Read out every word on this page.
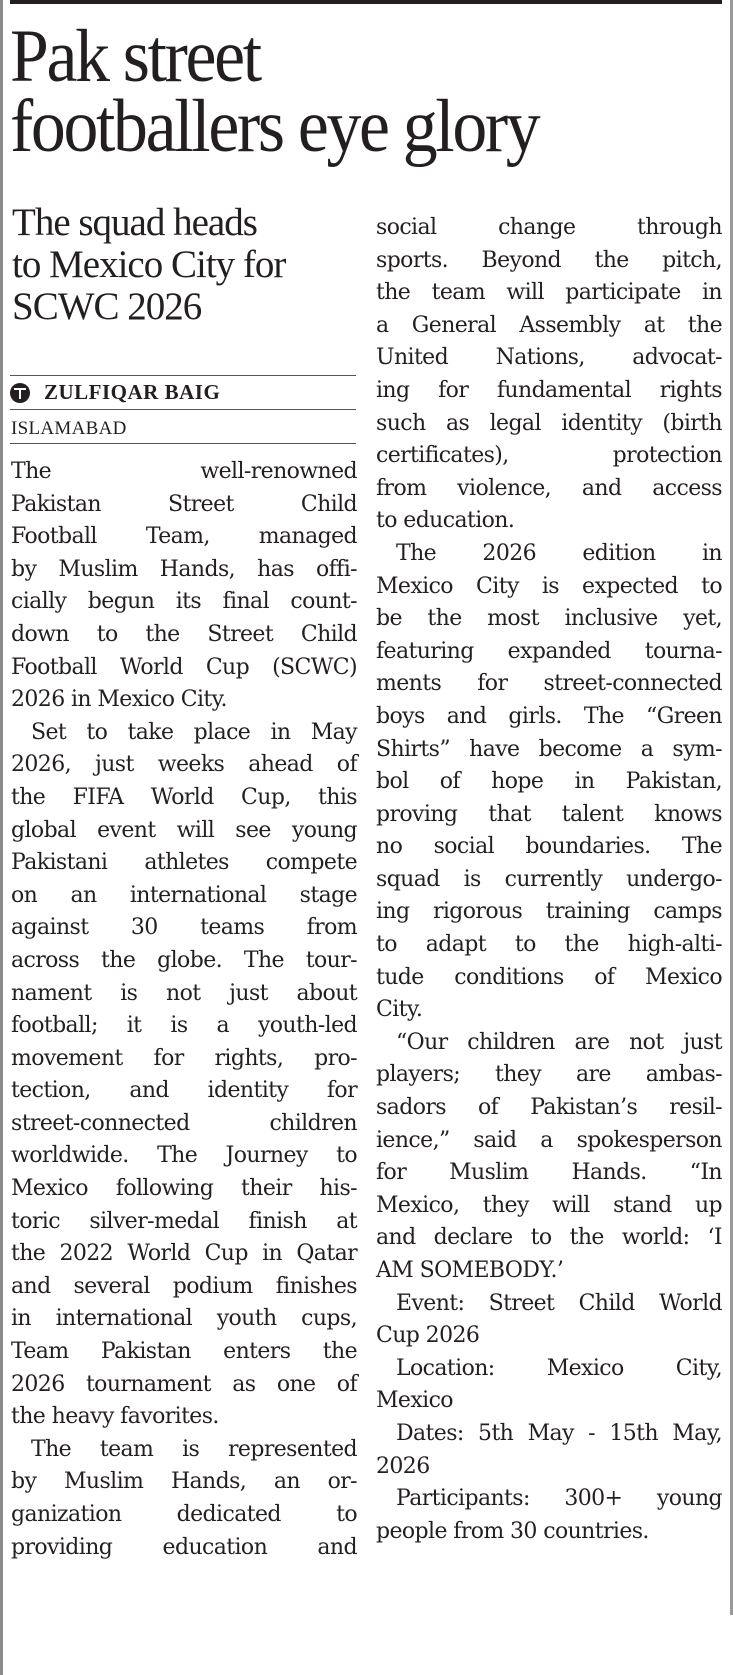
Pak street
footballers eye glory
The squad heads
to Mexico City for
SCWC 2026
ZULFIQAR BAIG
ISLAMABAD

The well-renowned
Pakistan Street Child
Football Team, managed
by Muslim Hands, has offi-
cially begun its final count-
down to the Street Child
Football World Cup (SCWC)
2026 in Mexico City.

Set to take place in May
2026, just weeks ahead of
the FIFA World Cup, this
global event will see young
Pakistani athletes compete
on an international stage
against 30 teams from
across the globe. The tour-
nament is not just about
football; it is a youth-led
movement for rights, pro-
tection, and identity for
street-connected children
worldwide. The Journey to
Mexico following their his-
toric silver-medal finish at
the 2022 World Cup in Qatar
and several podium finishes
in international youth cups,
Team Pakistan enters the
2026 tournament as one of
the heavy favorites.

The team is represented
by Muslim Hands, an or-
ganization dedicated to
providing education and

social change through
sports. Beyond the pitch,
the team will participate in
a General Assembly at the
United Nations, advocat-
ing for fundamental rights
such as legal identity (birth
certificates), protection
from violence, and access
to education.

The 2026 edition in
Mexico City is expected to
be the most inclusive yet,
featuring expanded tourna-
ments for street-connected
boys and girls. The “Green
Shirts” have become a sym-
bol of hope in Pakistan,
proving that talent knows
no social boundaries. The
squad is currently undergo-
ing rigorous training camps
to adapt to the high-alti-
tude conditions of Mexico
City.

“Our children are not just
players; they are ambas-
sadors of Pakistan’s resil-
ience,” said a spokesperson
for Muslim Hands. “In
Mexico, they will stand up
and declare to the world: ‘I
AM SOMEBODY.’

Event: Street Child World
Cup 2026

Location: Mexico City,
Mexico

Dates: 5th May - 15th May,
2026

Participants: 300+ young
people from 30 countries.
